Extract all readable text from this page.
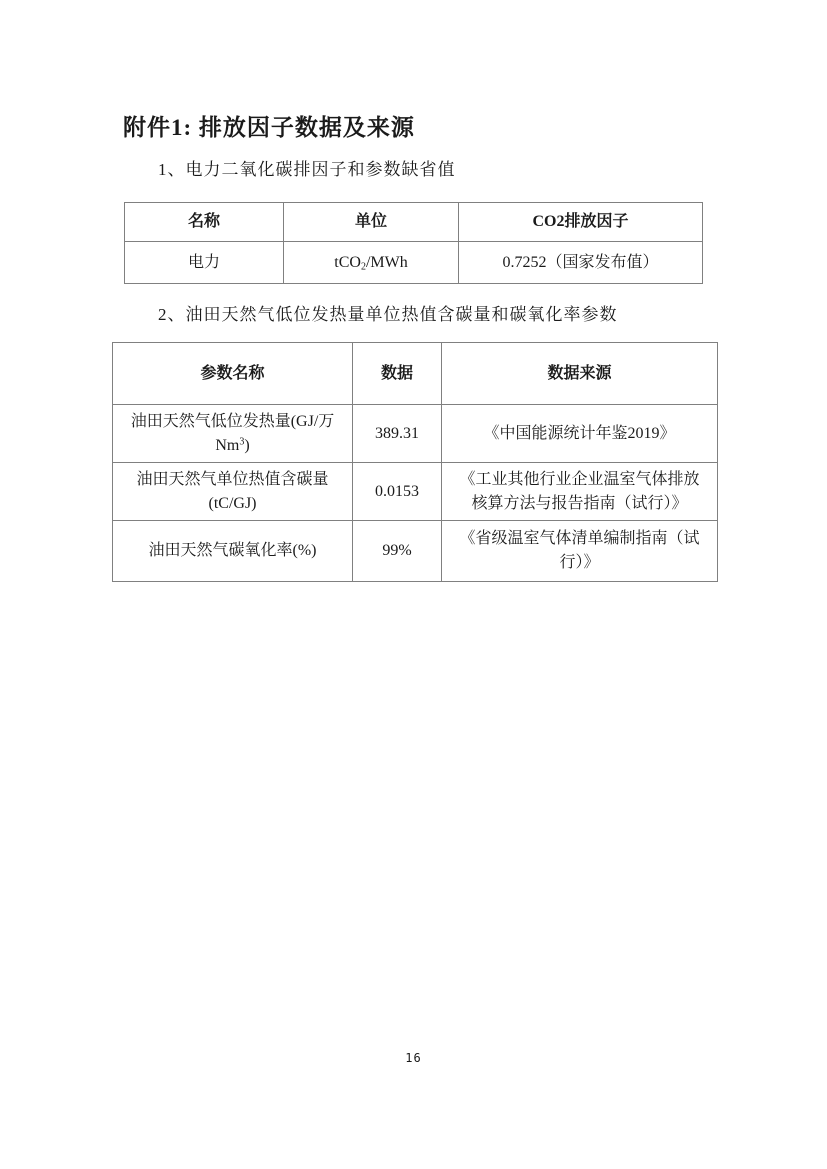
附件1: 排放因子数据及来源

1、电力二氧化碳排因子和参数缺省值

名称	单位	CO2排放因子
电力	tCO$_2$/MWh	0.7252（国家发布值）

2、油田天然气低位发热量单位热值含碳量和碳氧化率参数

参数名称	数据	数据来源
油田天然气低位发热量(GJ/万Nm$^3$)	389.31	《中国能源统计年鉴2019》
油田天然气单位热值含碳量 (tC/GJ)	0.0153	《工业其他行业企业温室气体排放核算方法与报告指南（试行）》
油田天然气碳氧化率(%)	99%	《省级温室气体清单编制指南（试行）》
16
